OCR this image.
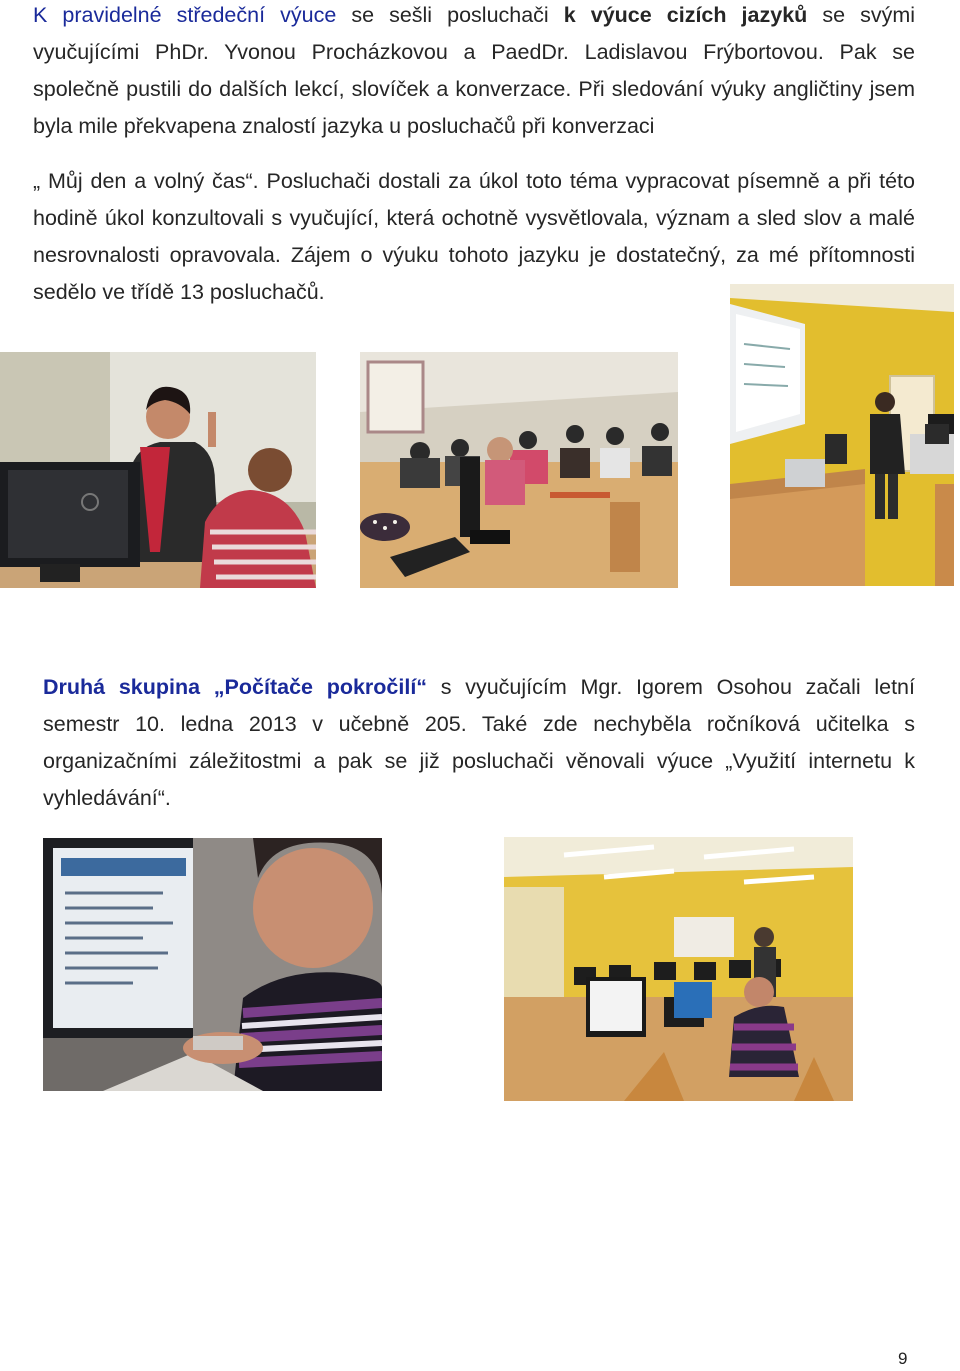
K pravidelné středeční výuce se sešli posluchači k výuce cizích jazyků se svými vyučujícími PhDr. Yvonou Procházkovou a PaedDr. Ladislavou Frýbortovou. Pak se společně pustili do dalších lekcí, slovíček a konverzace. Při sledování výuky angličtiny jsem byla mile překvapena znalostí jazyka u posluchačů při konverzaci
„ Můj den a volný čas“. Posluchači dostali za úkol toto téma vypracovat písemně a při této hodině úkol konzultovali s vyučující, která ochotně vysvětlovala, význam a sled slov a malé nesrovnalosti opravovala. Zájem o výuku tohoto jazyku je dostatečný, za mé přítomnosti sedělo ve třídě 13 posluchačů.
Druhá skupina „Počítače pokročilí“ s vyučujícím Mgr. Igorem Osohou začali letní semestr 10. ledna 2013 v učebně 205. Také zde nechyběla ročníková učitelka s organizačními záležitostmi a pak se již posluchači věnovali výuce „Využití internetu k vyhledávání“.
9
